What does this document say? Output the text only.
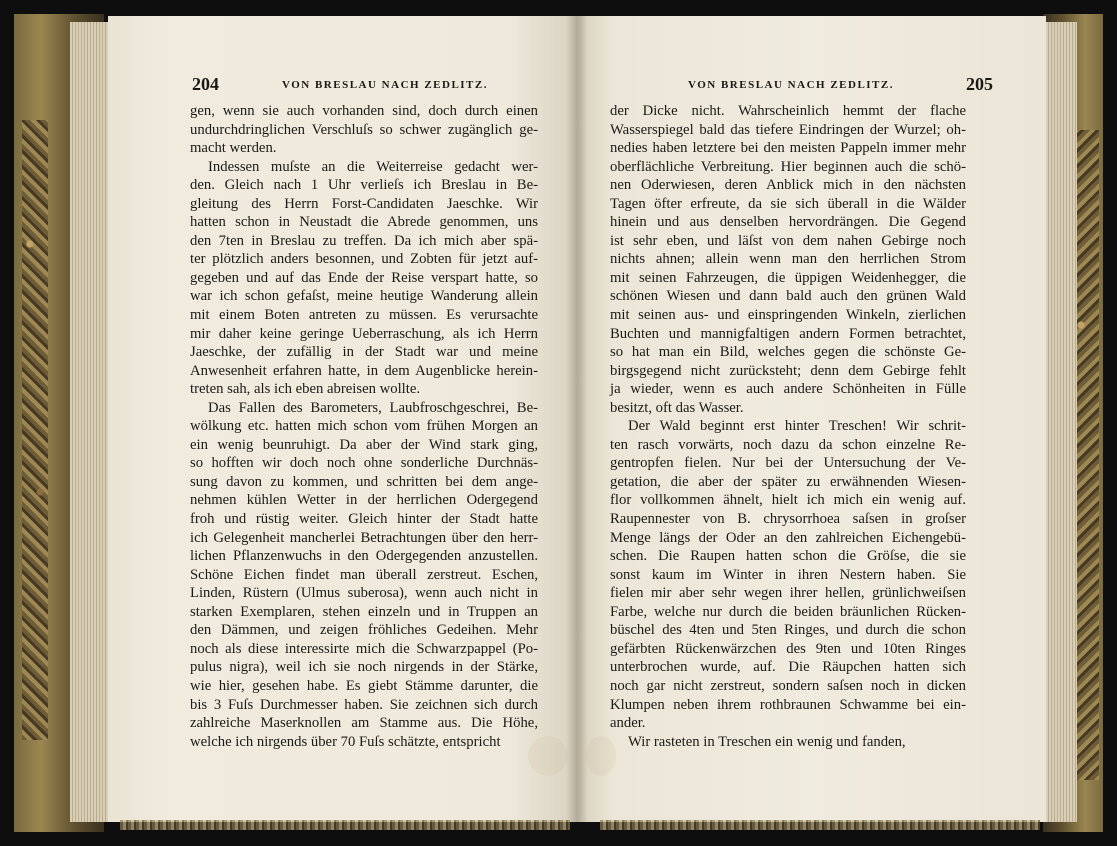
204	VON BRESLAU NACH ZEDLITZ.
gen, wenn sie auch vorhanden sind, doch durch einen
undurchdringlichen Verschluſs so schwer zugänglich ge-
macht werden.
Indessen muſste an die Weiterreise gedacht wer-
den. Gleich nach 1 Uhr verlieſs ich Breslau in Be-
gleitung des Herrn Forst-Candidaten Jaeschke. Wir
hatten schon in Neustadt die Abrede genommen, uns
den 7ten in Breslau zu treffen. Da ich mich aber spä-
ter plötzlich anders besonnen, und Zobten für jetzt auf-
gegeben und auf das Ende der Reise verspart hatte, so
war ich schon gefaſst, meine heutige Wanderung allein
mit einem Boten antreten zu müssen. Es verursachte
mir daher keine geringe Ueberraschung, als ich Herrn
Jaeschke, der zufällig in der Stadt war und meine
Anwesenheit erfahren hatte, in dem Augenblicke herein-
treten sah, als ich eben abreisen wollte.
Das Fallen des Barometers, Laubfroschgeschrei, Be-
wölkung etc. hatten mich schon vom frühen Morgen an
ein wenig beunruhigt. Da aber der Wind stark ging,
so hofften wir doch noch ohne sonderliche Durchnäs-
sung davon zu kommen, und schritten bei dem ange-
nehmen kühlen Wetter in der herrlichen Odergegend
froh und rüstig weiter. Gleich hinter der Stadt hatte
ich Gelegenheit mancherlei Betrachtungen über den herr-
lichen Pflanzenwuchs in den Odergegenden anzustellen.
Schöne Eichen findet man überall zerstreut. Eschen,
Linden, Rüstern (Ulmus suberosa), wenn auch nicht in
starken Exemplaren, stehen einzeln und in Truppen an
den Dämmen, und zeigen fröhliches Gedeihen. Mehr
noch als diese interessirte mich die Schwarzpappel (Po-
pulus nigra), weil ich sie noch nirgends in der Stärke,
wie hier, gesehen habe. Es giebt Stämme darunter, die
bis 3 Fuſs Durchmesser haben. Sie zeichnen sich durch
zahlreiche Maserknollen am Stamme aus. Die Höhe,
welche ich nirgends über 70 Fuſs schätzte, entspricht
VON BRESLAU NACH ZEDLITZ.	205
der Dicke nicht. Wahrscheinlich hemmt der flache
Wasserspiegel bald das tiefere Eindringen der Wurzel; oh-
nedies haben letztere bei den meisten Pappeln immer mehr
oberflächliche Verbreitung. Hier beginnen auch die schö-
nen Oderwiesen, deren Anblick mich in den nächsten
Tagen öfter erfreute, da sie sich überall in die Wälder
hinein und aus denselben hervordrängen. Die Gegend
ist sehr eben, und läſst von dem nahen Gebirge noch
nichts ahnen; allein wenn man den herrlichen Strom
mit seinen Fahrzeugen, die üppigen Weidenhegger, die
schönen Wiesen und dann bald auch den grünen Wald
mit seinen aus- und einspringenden Winkeln, zierlichen
Buchten und mannigfaltigen andern Formen betrachtet,
so hat man ein Bild, welches gegen die schönste Ge-
birgsgegend nicht zurücksteht; denn dem Gebirge fehlt
ja wieder, wenn es auch andere Schönheiten in Fülle
besitzt, oft das Wasser.
Der Wald beginnt erst hinter Treschen! Wir schrit-
ten rasch vorwärts, noch dazu da schon einzelne Re-
gentropfen fielen. Nur bei der Untersuchung der Ve-
getation, die aber der später zu erwähnenden Wiesen-
flor vollkommen ähnelt, hielt ich mich ein wenig auf.
Raupennester von B. chrysorrhoea saſsen in groſser
Menge längs der Oder an den zahlreichen Eichengebü-
schen. Die Raupen hatten schon die Gröſse, die sie
sonst kaum im Winter in ihren Nestern haben. Sie
fielen mir aber sehr wegen ihrer hellen, grünlichweiſsen
Farbe, welche nur durch die beiden bräunlichen Rücken-
büschel des 4ten und 5ten Ringes, und durch die schon
gefärbten Rückenwärzchen des 9ten und 10ten Ringes
unterbrochen wurde, auf. Die Räupchen hatten sich
noch gar nicht zerstreut, sondern saſsen noch in dicken
Klumpen neben ihrem rothbraunen Schwamme bei ein-
ander.
Wir rasteten in Treschen ein wenig und fanden,
